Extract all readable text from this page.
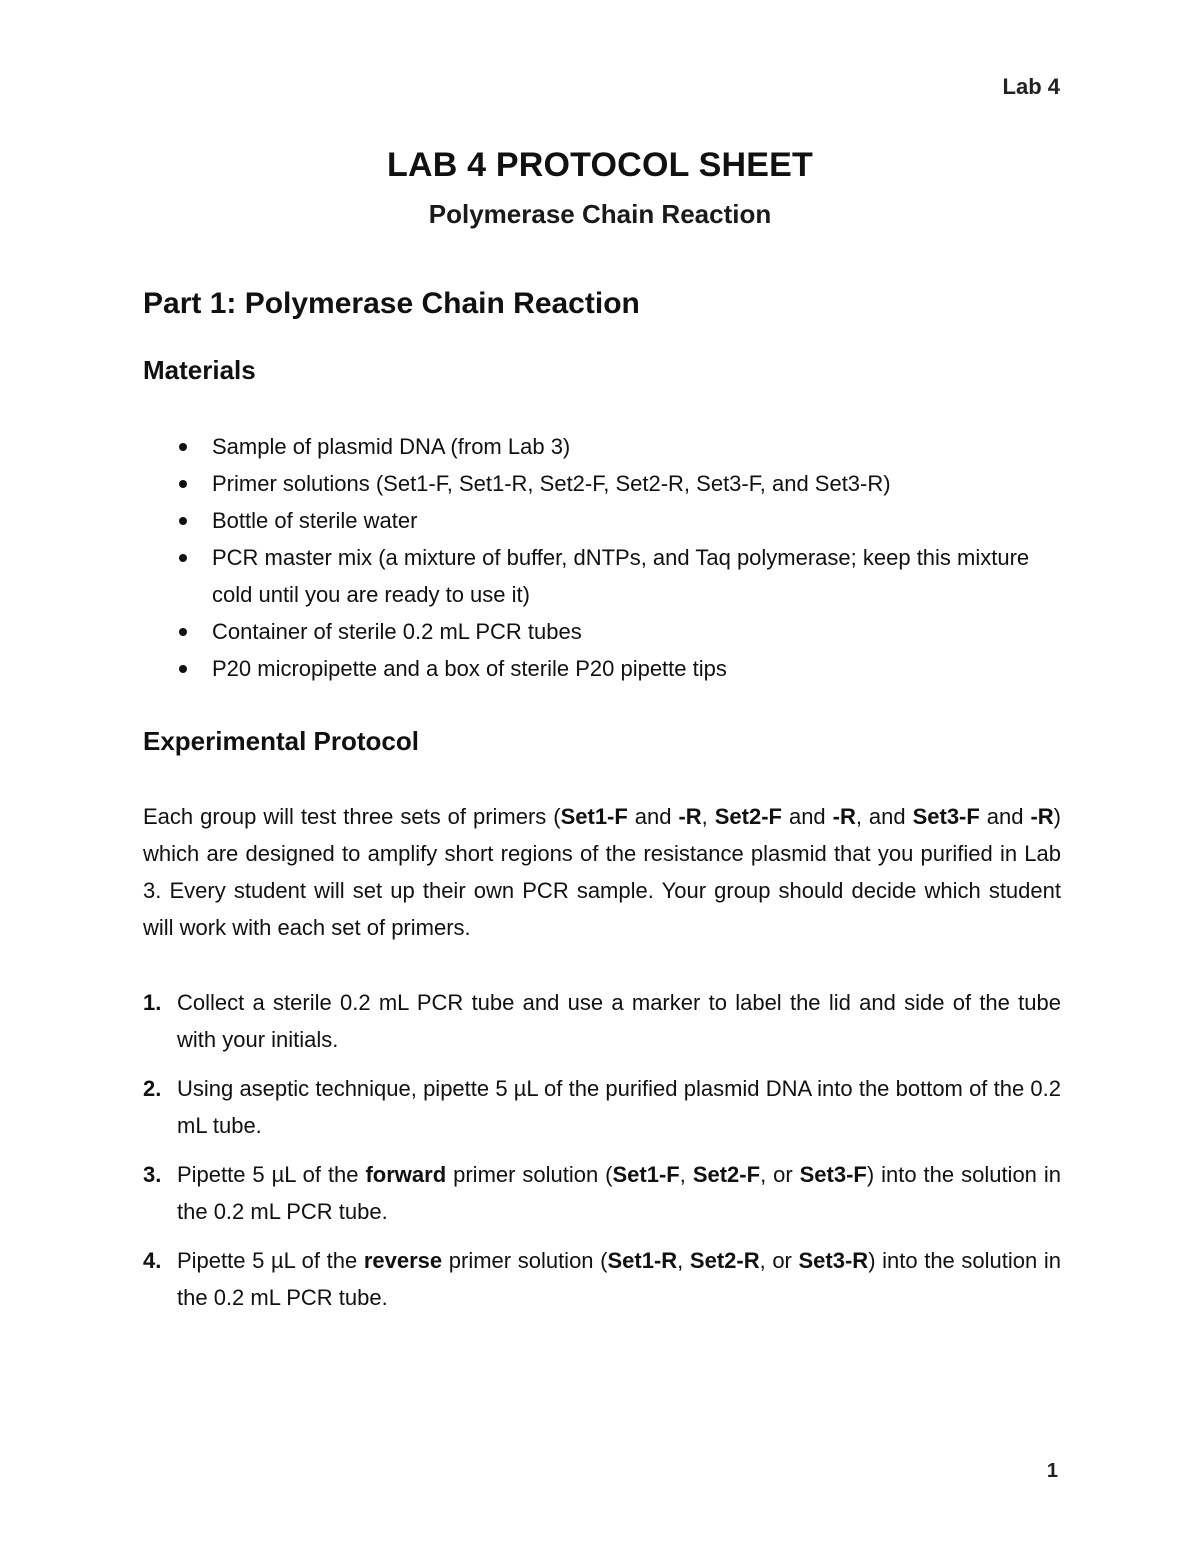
Lab 4
LAB 4 PROTOCOL SHEET
Polymerase Chain Reaction
Part 1: Polymerase Chain Reaction
Materials
Sample of plasmid DNA (from Lab 3)
Primer solutions (Set1-F, Set1-R, Set2-F, Set2-R, Set3-F, and Set3-R)
Bottle of sterile water
PCR master mix (a mixture of buffer, dNTPs, and Taq polymerase; keep this mixture cold until you are ready to use it)
Container of sterile 0.2 mL PCR tubes
P20 micropipette and a box of sterile P20 pipette tips
Experimental Protocol

Each group will test three sets of primers (Set1-F and -R, Set2-F and -R, and Set3-F and -R) which are designed to amplify short regions of the resistance plasmid that you purified in Lab 3. Every student will set up their own PCR sample. Your group should decide which student will work with each set of primers.

1. Collect a sterile 0.2 mL PCR tube and use a marker to label the lid and side of the tube with your initials.
2. Using aseptic technique, pipette 5 µL of the purified plasmid DNA into the bottom of the 0.2 mL tube.
3. Pipette 5 µL of the forward primer solution (Set1-F, Set2-F, or Set3-F) into the solution in the 0.2 mL PCR tube.
4. Pipette 5 µL of the reverse primer solution (Set1-R, Set2-R, or Set3-R) into the solution in the 0.2 mL PCR tube.
1
